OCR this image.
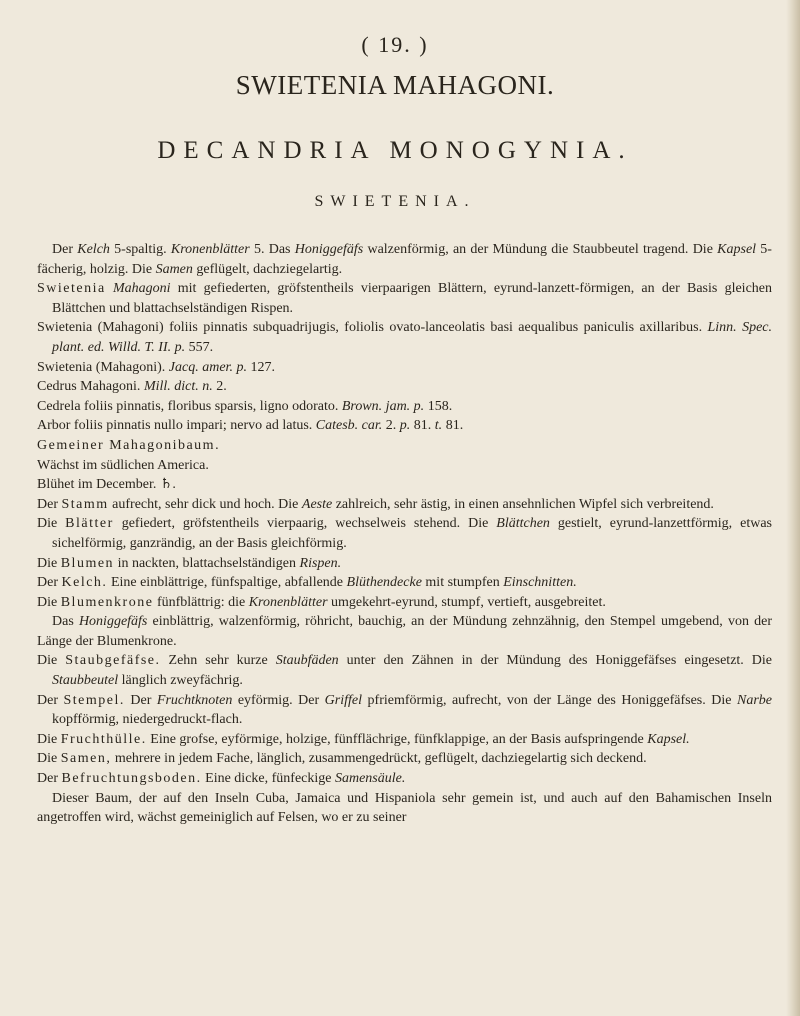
( 19. )
SWIETENIA MAHAGONI.
DECANDRIA MONOGYNIA.
SWIETENIA.

Der Kelch 5-spaltig. Kronenblätter 5. Das Honiggefäfs walzenförmig, an der Mündung die Staubbeutel tragend. Die Kapsel 5-fächerig, holzig. Die Samen geflügelt, dachziegelartig.

Swietenia Mahagoni mit gefiederten, gröfstentheils vierpaarigen Blättern, eyrund-lanzett-förmigen, an der Basis gleichen Blättchen und blattachselständigen Rispen.

Swietenia (Mahagoni) foliis pinnatis subquadrijugis, foliolis ovato-lanceolatis basi aequalibus paniculis axillaribus. Linn. Spec. plant. ed. Willd. T. II. p. 557.

Swietenia (Mahagoni). Jacq. amer. p. 127.

Cedrus Mahagoni. Mill. dict. n. 2.

Cedrela foliis pinnatis, floribus sparsis, ligno odorato. Brown. jam. p. 158.

Arbor foliis pinnatis nullo impari; nervo ad latus. Catesb. car. 2. p. 81. t. 81.

Gemeiner Mahagonibaum.

Wächst im südlichen America.

Blühet im December. ♄.

Der Stamm aufrecht, sehr dick und hoch. Die Aeste zahlreich, sehr ästig, in einen ansehnlichen Wipfel sich verbreitend.

Die Blätter gefiedert, gröfstentheils vierpaarig, wechselweis stehend. Die Blättchen gestielt, eyrund-lanzettförmig, etwas sichelförmig, ganzrändig, an der Basis gleichförmig.

Die Blumen in nackten, blattachselständigen Rispen.

Der Kelch. Eine einblättrige, fünfspaltige, abfallende Blüthendecke mit stumpfen Einschnitten.

Die Blumenkrone fünfblättrig: die Kronenblätter umgekehrt-eyrund, stumpf, vertieft, ausgebreitet.

Das Honiggefäfs einblättrig, walzenförmig, röhricht, bauchig, an der Mündung zehnzähnig, den Stempel umgebend, von der Länge der Blumenkrone.

Die Staubgefäfse. Zehn sehr kurze Staubfäden unter den Zähnen in der Mündung des Honiggefäfses eingesetzt. Die Staubbeutel länglich zweyfächrig.

Der Stempel. Der Fruchtknoten eyförmig. Der Griffel pfriemförmig, aufrecht, von der Länge des Honiggefäfses. Die Narbe kopfförmig, niedergedruckt-flach.

Die Fruchthülle. Eine grofse, eyförmige, holzige, fünfflächrige, fünfklappige, an der Basis aufspringende Kapsel.

Die Samen, mehrere in jedem Fache, länglich, zusammengedrückt, geflügelt, dachziegelartig sich deckend.

Der Befruchtungsboden. Eine dicke, fünfeckige Samensäule.

Dieser Baum, der auf den Inseln Cuba, Jamaica und Hispaniola sehr gemein ist, und auch auf den Bahamischen Inseln angetroffen wird, wächst gemeiniglich auf Felsen, wo er zu seiner
